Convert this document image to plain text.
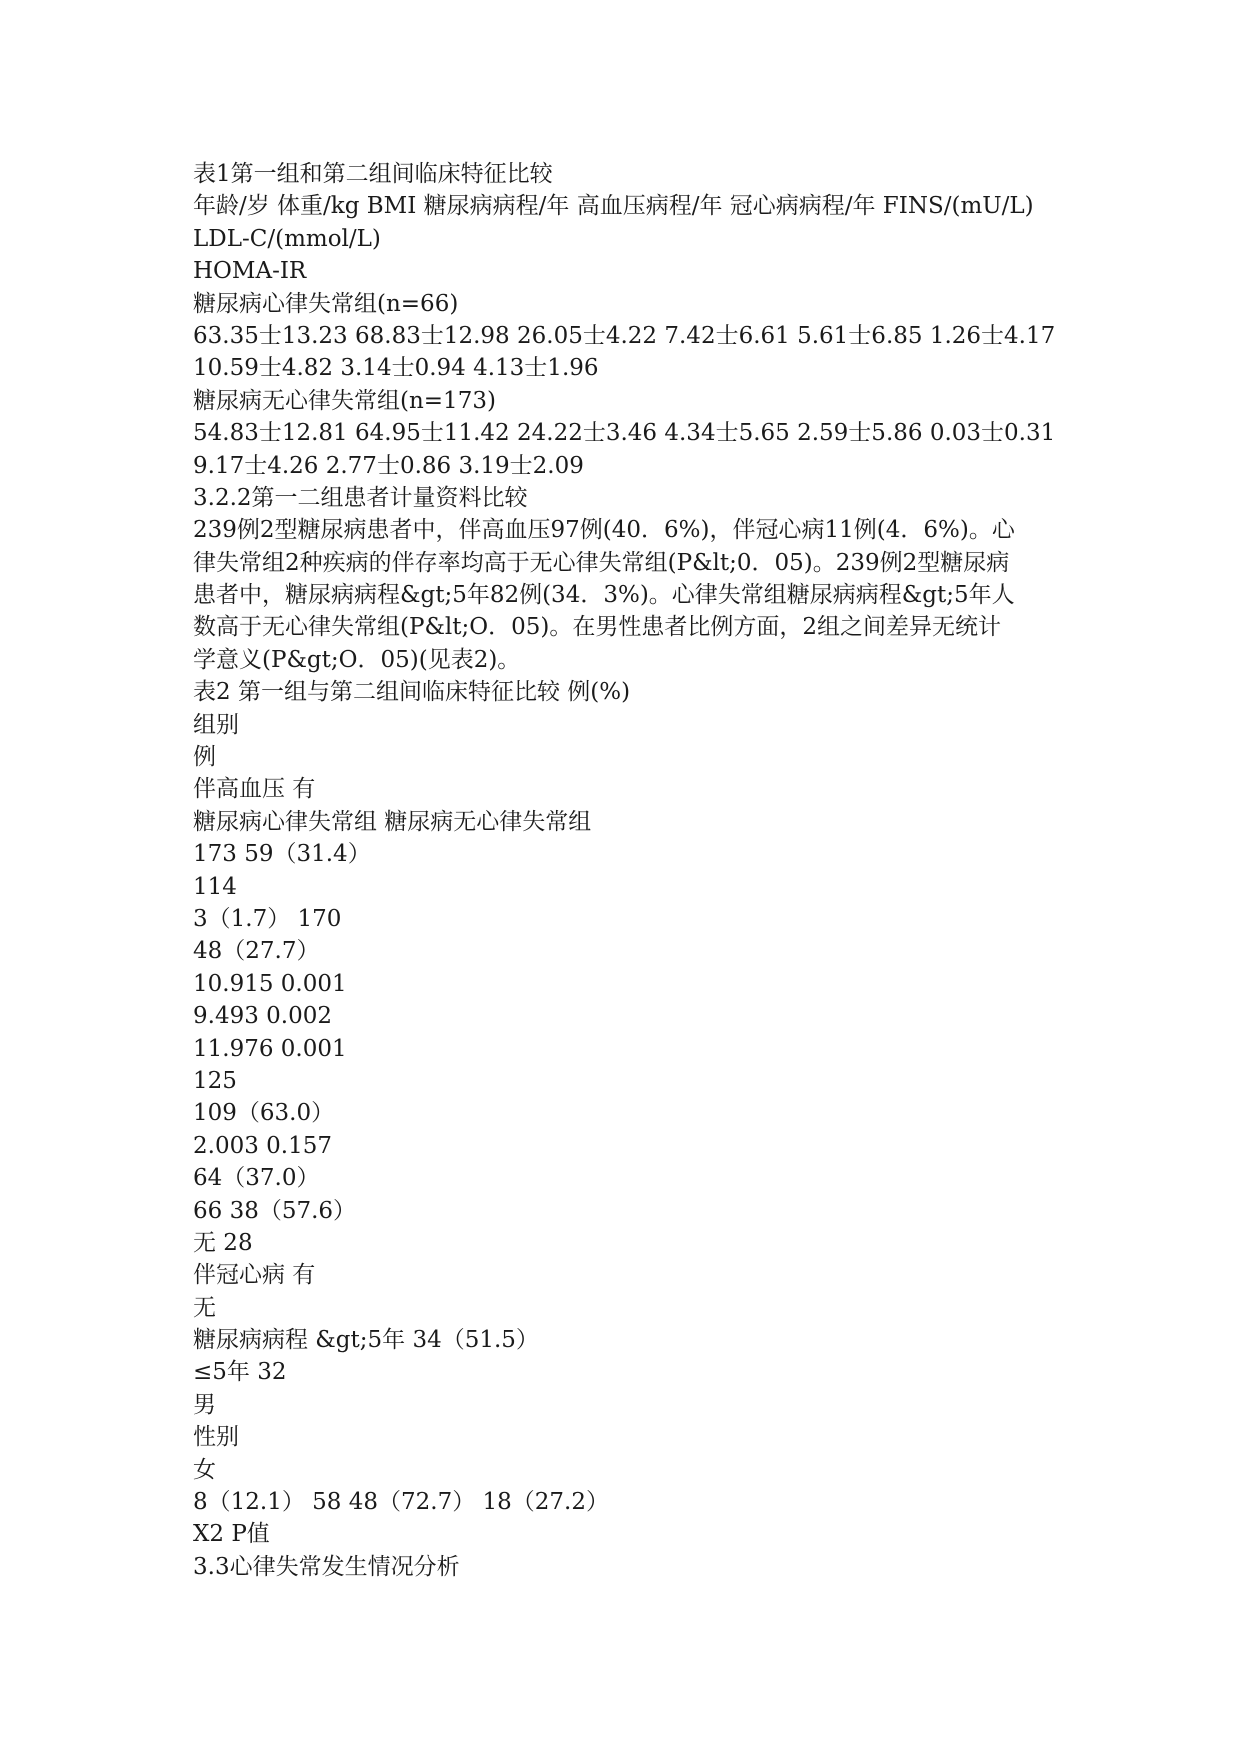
表1第一组和第二组间临床特征比较
年龄/岁 体重/kg BMI 糖尿病病程/年 高血压病程/年 冠心病病程/年 FINS/(mU/L)
LDL-C/(mmol/L)
HOMA-IR
糖尿病心律失常组(n=66)
63.35士13.23 68.83士12.98 26.05士4.22 7.42士6.61 5.61士6.85 1.26士4.17
10.59士4.82 3.14士0.94 4.13士1.96
糖尿病无心律失常组(n=173)
54.83士12.81 64.95士11.42 24.22士3.46 4.34士5.65 2.59士5.86 0.03士0.31
9.17士4.26 2.77士0.86 3.19士2.09
3.2.2第一二组患者计量资料比较
239例2型糖尿病患者中，伴高血压97例(40．6%)，伴冠心病11例(4．6%)。心
律失常组2种疾病的伴存率均高于无心律失常组(P&lt;0．05)。239例2型糖尿病
患者中，糖尿病病程&gt;5年82例(34．3%)。心律失常组糖尿病病程&gt;5年人
数高于无心律失常组(P&lt;O．05)。在男性患者比例方面，2组之间差异无统计
学意义(P&gt;O．05)(见表2)。
表2 第一组与第二组间临床特征比较 例(%)
组别
例
伴高血压 有
糖尿病心律失常组 糖尿病无心律失常组
173 59（31.4）
114
3（1.7） 170
48（27.7）
10.915 0.001
9.493 0.002
11.976 0.001
125
109（63.0）
2.003 0.157
64（37.0）
66 38（57.6）
无 28
伴冠心病 有
无
糖尿病病程 &gt;5年 34（51.5）
≤5年 32
男
性别
女
8（12.1） 58 48（72.7） 18（27.2）
X2 P值
3.3心律失常发生情况分析
